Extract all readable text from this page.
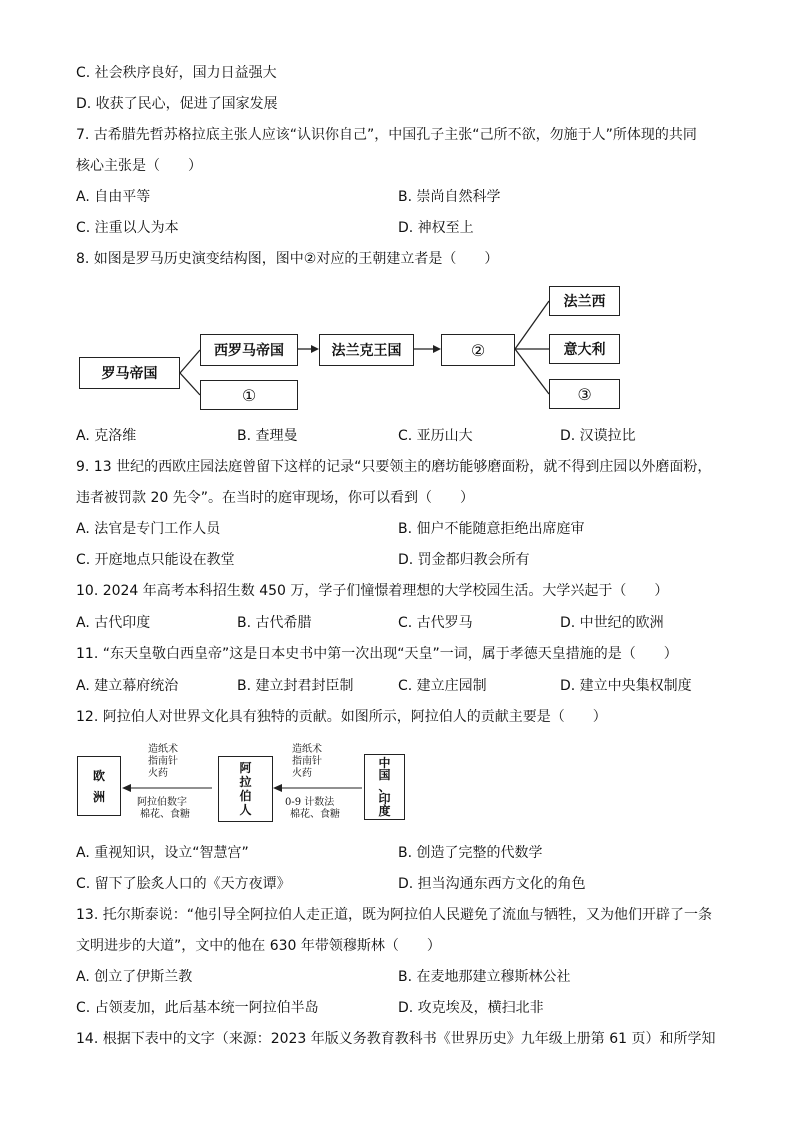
C. 社会秩序良好，国力日益强大
D. 收获了民心，促进了国家发展
7. 古希腊先哲苏格拉底主张人应该“认识你自己”，中国孔子主张“己所不欲，勿施于人”所体现的共同
核心主张是（　　）
A. 自由平等	B. 崇尚自然科学
C. 注重以人为本	D. 神权至上
8. 如图是罗马历史演变结构图，图中②对应的王朝建立者是（　　）
罗马帝国
西罗马帝国
①
法兰克王国	②
法兰西
意大利
③
A. 克洛维	B. 查理曼	C. 亚历山大	D. 汉谟拉比
9. 13 世纪的西欧庄园法庭曾留下这样的记录“只要领主的磨坊能够磨面粉，就不得到庄园以外磨面粉，
违者被罚款 20 先令”。在当时的庭审现场，你可以看到（　　）
A. 法官是专门工作人员	B. 佃户不能随意拒绝出席庭审
C. 开庭地点只能设在教堂	D. 罚金都归教会所有
10. 2024 年高考本科招生数 450 万，学子们憧憬着理想的大学校园生活。大学兴起于（　　）
A. 古代印度	B. 古代希腊	C. 古代罗马	D. 中世纪的欧洲
11. “东天皇敬白西皇帝”这是日本史书中第一次出现“天皇”一词，属于孝德天皇措施的是（　　）
A. 建立幕府统治	B. 建立封君封臣制	C. 建立庄园制	D. 建立中央集权制度
12. 阿拉伯人对世界文化具有独特的贡献。如图所示，阿拉伯人的贡献主要是（　　）
欧
洲
阿
拉
伯
人
中
国
、
印
度
造纸术
指南针
火药
阿拉伯数字
棉花、食糖
造纸术
指南针
火药
0-9 计数法
棉花、食糖
A. 重视知识，设立“智慧宫”	B. 创造了完整的代数学
C. 留下了脍炙人口的《天方夜谭》	D. 担当沟通东西方文化的角色
13. 托尔斯泰说：“他引导全阿拉伯人走正道，既为阿拉伯人民避免了流血与牺牲，又为他们开辟了一条
文明进步的大道”，文中的他在 630 年带领穆斯林（　　）
A. 创立了伊斯兰教	B. 在麦地那建立穆斯林公社
C. 占领麦加，此后基本统一阿拉伯半岛	D. 攻克埃及，横扫北非
14. 根据下表中的文字（来源：2023 年版义务教育教科书《世界历史》九年级上册第 61 页）和所学知
